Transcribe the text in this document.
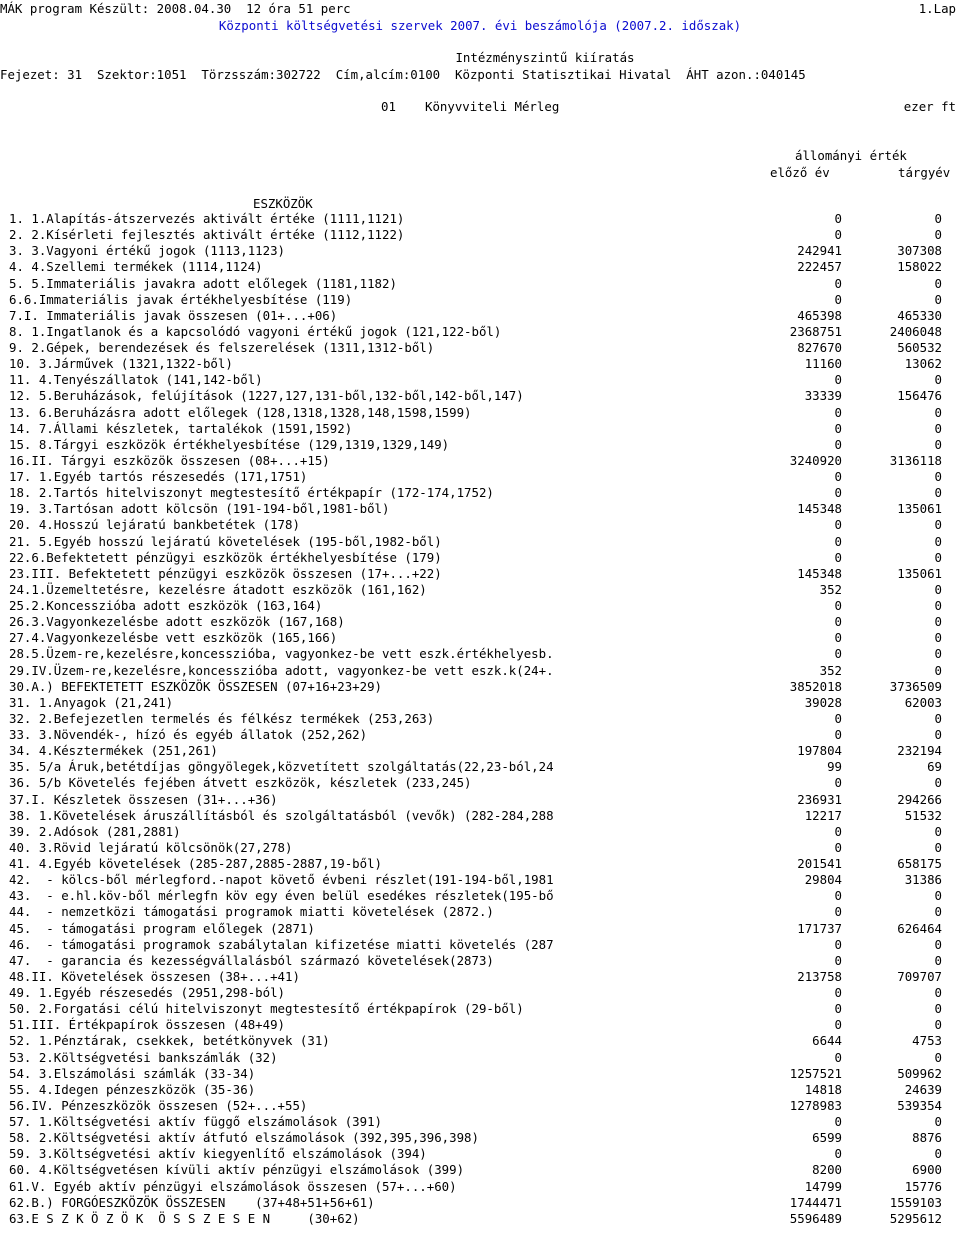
MÁK program Készült: 2008.04.30  12 óra 51 perc	1.Lap
Központi költségvetési szervek 2007. évi beszámolója (2007.2. időszak)
Intézményszintű kiíratás
Fejezet: 31  Szektor:1051  Törzsszám:302722  Cím,alcím:0100  Központi Statisztikai Hivatal  ÁHT azon.:040145
01 Könyvviteli Mérleg	ezer ft
állományi érték
előző év	tárgyév
ESZKÖZÖK
1. 1.Alapítás-átszervezés aktivált értéke (1111,1121)	0	0
2. 2.Kísérleti fejlesztés aktivált értéke (1112,1122)	0	0
3. 3.Vagyoni értékű jogok (1113,1123)	242941	307308
4. 4.Szellemi termékek (1114,1124)	222457	158022
5. 5.Immateriális javakra adott előlegek (1181,1182)	0	0
6.6.Immateriális javak értékhelyesbítése (119)	0	0
7.I. Immateriális javak összesen (01+...+06)	465398	465330
8. 1.Ingatlanok és a kapcsolódó vagyoni értékű jogok (121,122-ből)	2368751	2406048
9. 2.Gépek, berendezések és felszerelések (1311,1312-ből)	827670	560532
10. 3.Járművek (1321,1322-ből)	11160	13062
11. 4.Tenyészállatok (141,142-ből)	0	0
12. 5.Beruházások, felújítások (1227,127,131-ből,132-ből,142-ből,147)	33339	156476
13. 6.Beruházásra adott előlegek (128,1318,1328,148,1598,1599)	0	0
14. 7.Állami készletek, tartalékok (1591,1592)	0	0
15. 8.Tárgyi eszközök értékhelyesbítése (129,1319,1329,149)	0	0
16.II. Tárgyi eszközök összesen (08+...+15)	3240920	3136118
17. 1.Egyéb tartós részesedés (171,1751)	0	0
18. 2.Tartós hitelviszonyt megtestesítő értékpapír (172-174,1752)	0	0
19. 3.Tartósan adott kölcsön (191-194-ből,1981-ből)	145348	135061
20. 4.Hosszú lejáratú bankbetétek (178)	0	0
21. 5.Egyéb hosszú lejáratú követelések (195-ből,1982-ből)	0	0
22.6.Befektetett pénzügyi eszközök értékhelyesbítése (179)	0	0
23.III. Befektetett pénzügyi eszközök összesen (17+...+22)	145348	135061
24.1.Üzemeltetésre, kezelésre átadott eszközök (161,162)	352	0
25.2.Koncesszióba adott eszközök (163,164)	0	0
26.3.Vagyonkezelésbe adott eszközök (167,168)	0	0
27.4.Vagyonkezelésbe vett eszközök (165,166)	0	0
28.5.Üzem-re,kezelésre,koncesszióba, vagyonkez-be vett eszk.értékhelyesb.	0	0
29.IV.Üzem-re,kezelésre,koncesszióba adott, vagyonkez-be vett eszk.k(24+.	352	0
30.A.) BEFEKTETETT ESZKÖZÖK ÖSSZESEN (07+16+23+29)	3852018	3736509
31. 1.Anyagok (21,241)	39028	62003
32. 2.Befejezetlen termelés és félkész termékek (253,263)	0	0
33. 3.Növendék-, hízó és egyéb állatok (252,262)	0	0
34. 4.Késztermékek (251,261)	197804	232194
35. 5/a Áruk,betétdíjas göngyölegek,közvetített szolgáltatás(22,23-ból,24	99	69
36. 5/b Követelés fejében átvett eszközök, készletek (233,245)	0	0
37.I. Készletek összesen (31+...+36)	236931	294266
38. 1.Követelések áruszállításból és szolgáltatásból (vevők) (282-284,288	12217	51532
39. 2.Adósok (281,2881)	0	0
40. 3.Rövid lejáratú kölcsönök(27,278)	0	0
41. 4.Egyéb követelések (285-287,2885-2887,19-ből)	201541	658175
42.  - kölcs-ből mérlegford.-napot követő évbeni részlet(191-194-ből,1981	29804	31386
43.  - e.hl.köv-ből mérlegfn köv egy éven belül esedékes részletek(195-bő	0	0
44.  - nemzetközi támogatási programok miatti követelések (2872.)	0	0
45.  - támogatási program előlegek (2871)	171737	626464
46.  - támogatási programok szabálytalan kifizetése miatti követelés (287	0	0
47.  - garancia és kezességvállalásból származó követelések(2873)	0	0
48.II. Követelések összesen (38+...+41)	213758	709707
49. 1.Egyéb részesedés (2951,298-ból)	0	0
50. 2.Forgatási célú hitelviszonyt megtestesítő értékpapírok (29-ből)	0	0
51.III. Értékpapírok összesen (48+49)	0	0
52. 1.Pénztárak, csekkek, betétkönyvek (31)	6644	4753
53. 2.Költségvetési bankszámlák (32)	0	0
54. 3.Elszámolási számlák (33-34)	1257521	509962
55. 4.Idegen pénzeszközök (35-36)	14818	24639
56.IV. Pénzeszközök összesen (52+...+55)	1278983	539354
57. 1.Költségvetési aktív függő elszámolások (391)	0	0
58. 2.Költségvetési aktív átfutó elszámolások (392,395,396,398)	6599	8876
59. 3.Költségvetési aktív kiegyenlítő elszámolások (394)	0	0
60. 4.Költségvetésen kívüli aktív pénzügyi elszámolások (399)	8200	6900
61.V. Egyéb aktív pénzügyi elszámolások összesen (57+...+60)	14799	15776
62.B.) FORGÓESZKÖZÖK ÖSSZESEN    (37+48+51+56+61)	1744471	1559103
63.E S Z K Ö Z Ö K  Ö S S Z E S E N     (30+62)	5596489	5295612
